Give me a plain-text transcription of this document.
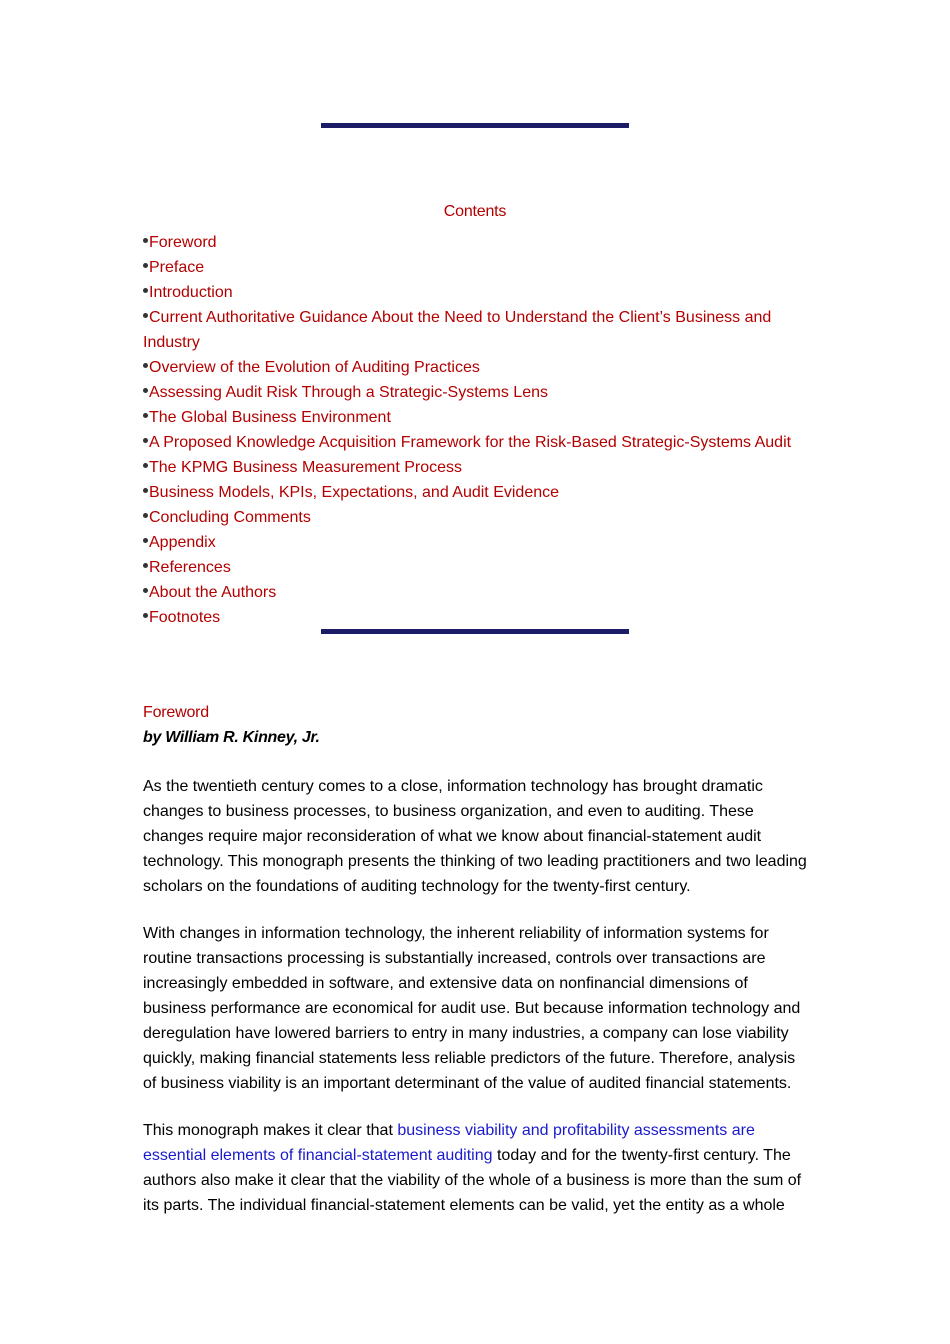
Contents
Foreword
Preface
Introduction
Current Authoritative Guidance About the Need to Understand the Client’s Business and Industry
Overview of the Evolution of Auditing Practices
Assessing Audit Risk Through a Strategic-Systems Lens
The Global Business Environment
A Proposed Knowledge Acquisition Framework for the Risk-Based Strategic-Systems Audit
The KPMG Business Measurement Process
Business Models, KPIs, Expectations, and Audit Evidence
Concluding Comments
Appendix
References
About the Authors
Footnotes
Foreword
by William R. Kinney, Jr.

As the twentieth century comes to a close, information technology has brought dramatic changes to business processes, to business organization, and even to auditing. These changes require major reconsideration of what we know about financial-statement audit technology. This monograph presents the thinking of two leading practitioners and two leading scholars on the foundations of auditing technology for the twenty-first century.

With changes in information technology, the inherent reliability of information systems for routine transactions processing is substantially increased, controls over transactions are increasingly embedded in software, and extensive data on nonfinancial dimensions of business performance are economical for audit use. But because information technology and deregulation have lowered barriers to entry in many industries, a company can lose viability quickly, making financial statements less reliable predictors of the future. Therefore, analysis of business viability is an important determinant of the value of audited financial statements.

This monograph makes it clear that business viability and profitability assessments are essential elements of financial-statement auditing today and for the twenty-first century. The authors also make it clear that the viability of the whole of a business is more than the sum of its parts. The individual financial-statement elements can be valid, yet the entity as a whole
